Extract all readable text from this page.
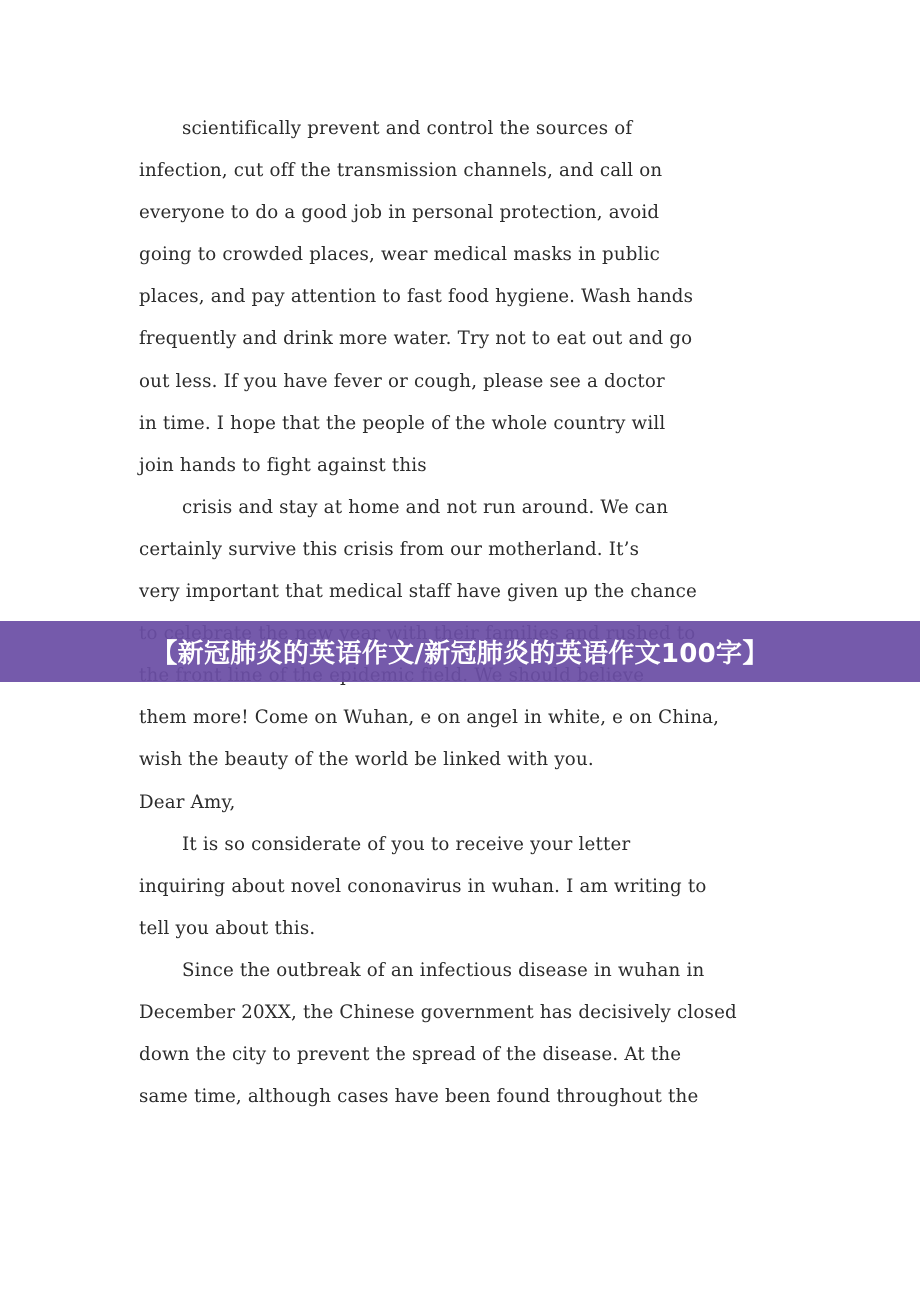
scientifically prevent and control the sources of
infection, cut off the transmission channels, and call on
everyone to do a good job in personal protection, avoid
going to crowded places, wear medical masks in public
places, and pay attention to fast food hygiene. Wash hands
frequently and drink more water. Try not to eat out and go
out less. If you have fever or cough, please see a doctor
in time. I hope that the people of the whole country will
join hands to fight against this
crisis and stay at home and not run around. We can
certainly survive this crisis from our motherland. It’s
very important that medical staff have given up the chance
them more! Come on Wuhan, e on angel in white, e on China,
wish the beauty of the world be linked with you.
Dear Amy,
It is so considerate of you to receive your letter
inquiring about novel cononavirus in wuhan. I am writing to
tell you about this.
Since the outbreak of an infectious disease in wuhan in
December 20XX, the Chinese government has decisively closed
down the city to prevent the spread of the disease. At the
same time, although cases have been found throughout the
【新冠肺炎的英语作文/新冠肺炎的英语作文100字】
